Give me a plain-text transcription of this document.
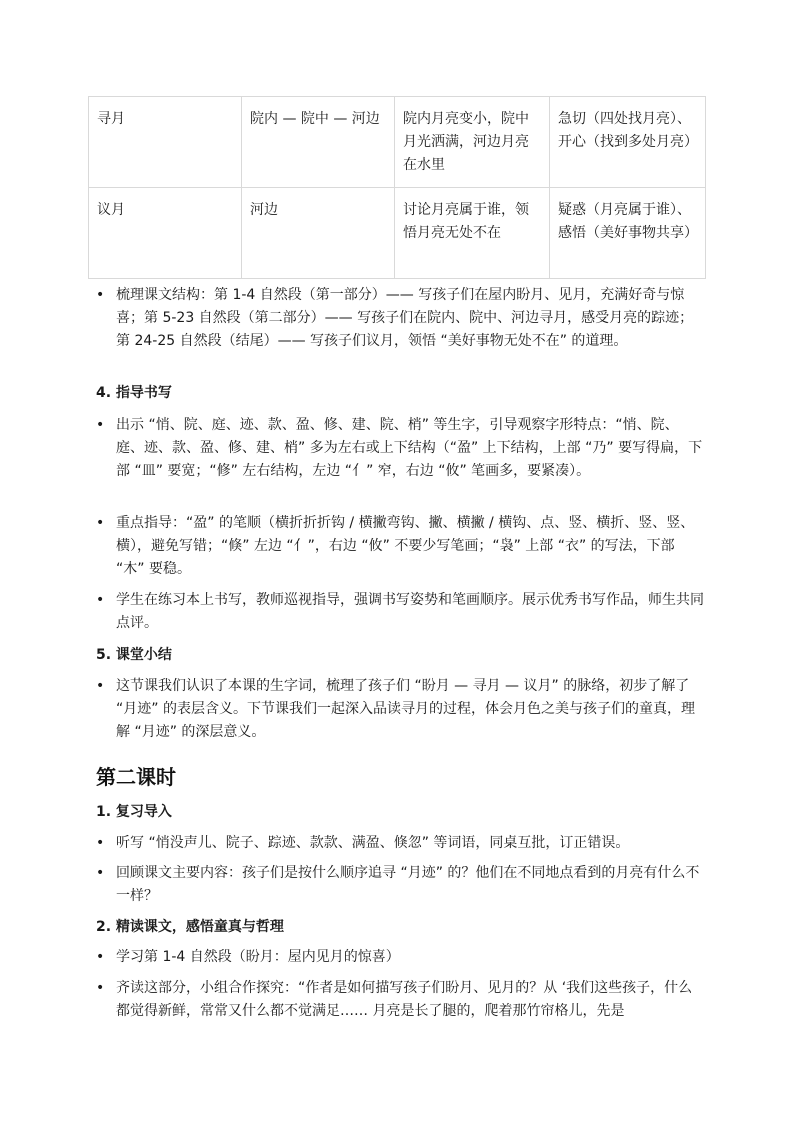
寻月	院内 — 院中 — 河边	院内月亮变小，院中月光洒满，河边月亮在水里	急切（四处找月亮）、开心（找到多处月亮）
议月	河边	讨论月亮属于谁，领悟月亮无处不在	疑惑（月亮属于谁）、感悟（美好事物共享）
• 梳理课文结构：第 1-4 自然段（第一部分）—— 写孩子们在屋内盼月、见月，充满好奇与惊喜；第 5-23 自然段（第二部分）—— 写孩子们在院内、院中、河边寻月，感受月亮的踪迹；第 24-25 自然段（结尾）—— 写孩子们议月，领悟 “美好事物无处不在” 的道理。
4. 指导书写
• 出示 “悄、院、庭、迹、款、盈、修、建、院、梢” 等生字，引导观察字形特点：“悄、院、庭、迹、款、盈、修、建、梢” 多为左右或上下结构（“盈” 上下结构，上部 “乃” 要写得扁，下部 “皿” 要宽；“修” 左右结构，左边 “亻” 窄，右边 “攸” 笔画多，要紧凑）。
• 重点指导：“盈” 的笔顺（横折折折钩 / 横撇弯钩、撇、横撇 / 横钩、点、竖、横折、竖、竖、横），避免写错；“倏” 左边 “亻”，右边 “攸” 不要少写笔画；“袅” 上部 “衣” 的写法，下部 “木” 要稳。
• 学生在练习本上书写，教师巡视指导，强调书写姿势和笔画顺序。展示优秀书写作品，师生共同点评。
5. 课堂小结
• 这节课我们认识了本课的生字词，梳理了孩子们 “盼月 — 寻月 — 议月” 的脉络，初步了解了 “月迹” 的表层含义。下节课我们一起深入品读寻月的过程，体会月色之美与孩子们的童真，理解 “月迹” 的深层意义。
第二课时
1. 复习导入
• 听写 “悄没声儿、院子、踪迹、款款、满盈、倏忽” 等词语，同桌互批，订正错误。
• 回顾课文主要内容：孩子们是按什么顺序追寻 “月迹” 的？他们在不同地点看到的月亮有什么不一样？
2. 精读课文，感悟童真与哲理
• 学习第 1-4 自然段（盼月：屋内见月的惊喜）
• 齐读这部分，小组合作探究：“作者是如何描写孩子们盼月、见月的？从 ‘我们这些孩子，什么都觉得新鲜，常常又什么都不觉满足…… 月亮是长了腿的，爬着那竹帘格儿，先是
